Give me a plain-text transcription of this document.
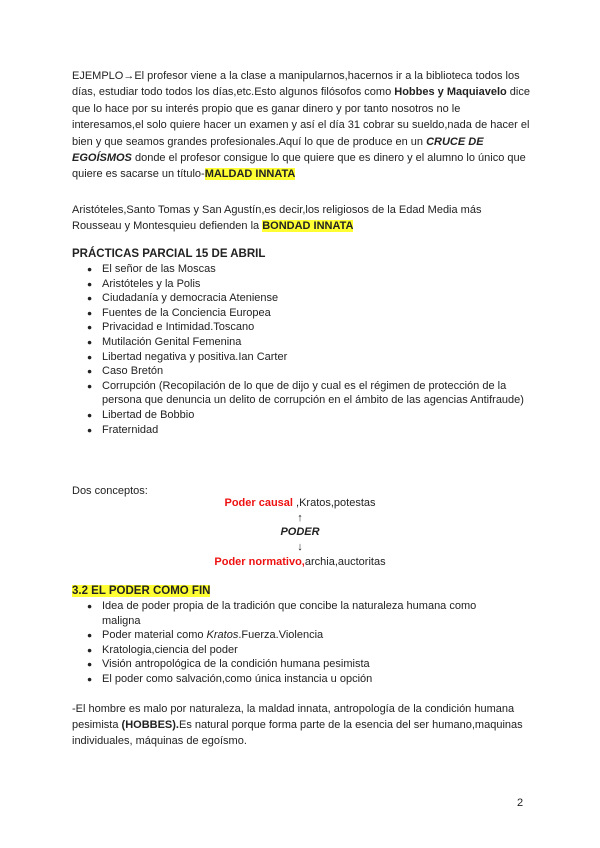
EJEMPLO→El profesor viene a la clase a manipularnos,hacernos ir a la biblioteca todos los días, estudiar todo todos los días,etc.Esto algunos filósofos como Hobbes y Maquiavelo dice que lo hace por su interés propio que es ganar dinero y por tanto nosotros no le interesamos,el solo quiere hacer un examen y así el día 31 cobrar su sueldo,nada de hacer el bien y que seamos grandes profesionales.Aquí lo que de produce en un CRUCE DE EGOÍSMOS donde el profesor consigue lo que quiere que es dinero y el alumno lo único que quiere es sacarse un título-MALDAD INNATA
Aristóteles,Santo Tomas y San Agustín,es decir,los religiosos de la Edad Media más Rousseau y Montesquieu defienden la BONDAD INNATA
PRÁCTICAS PARCIAL 15 DE ABRIL
● El señor de las Moscas
● Aristóteles y la Polis
● Ciudadanía y democracia Ateniense
● Fuentes de la Conciencia Europea
● Privacidad e Intimidad.Toscano
● Mutilación Genital Femenina
● Libertad negativa y positiva.Ian Carter
● Caso Bretón
● Corrupción (Recopilación de lo que de dijo y cual es el régimen de protección de la persona que denuncia un delito de corrupción en el ámbito de las agencias Antifraude)
● Libertad de Bobbio
● Fraternidad
Dos conceptos:
Poder causal ,Kratos,potestas
↑
PODER
↓
Poder normativo,archia,auctoritas
3.2 EL PODER COMO FIN
● Idea de poder propia de la tradición que concibe la naturaleza humana como maligna
● Poder material como Kratos.Fuerza.Violencia
● Kratologia,ciencia del poder
● Visión antropológica de la condición humana pesimista
● El poder como salvación,como única instancia u opción
-El hombre es malo por naturaleza, la maldad innata, antropología de la condición humana pesimista (HOBBES).Es natural porque forma parte de la esencia del ser humano,maquinas individuales, máquinas de egoísmo.
2
